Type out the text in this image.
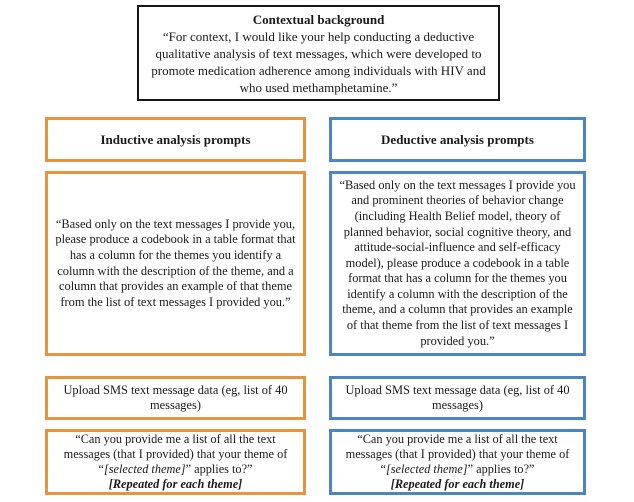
Contextual background
“For context, I would like your help conducting a deductive qualitative analysis of text messages, which were developed to promote medication adherence among individuals with HIV and who used methamphetamine.”
Inductive analysis prompts
“Based only on the text messages I provide you, please produce a codebook in a table format that has a column for the themes you identify a column with the description of the theme, and a column that provides an example of that theme from the list of text messages I provided you.”
Upload SMS text message data (eg, list of 40 messages)
“Can you provide me a list of all the text messages (that I provided) that your theme of “[selected theme]” applies to?”
[Repeated for each theme]
Deductive analysis prompts
“Based only on the text messages I provide you and prominent theories of behavior change (including Health Belief model, theory of planned behavior, social cognitive theory, and attitude-social-influence and self-efficacy model), please produce a codebook in a table format that has a column for the themes you identify a column with the description of the theme, and a column that provides an example of that theme from the list of text messages I provided you.”
Upload SMS text message data (eg, list of 40 messages)
“Can you provide me a list of all the text messages (that I provided) that your theme of “[selected theme]” applies to?”
[Repeated for each theme]
